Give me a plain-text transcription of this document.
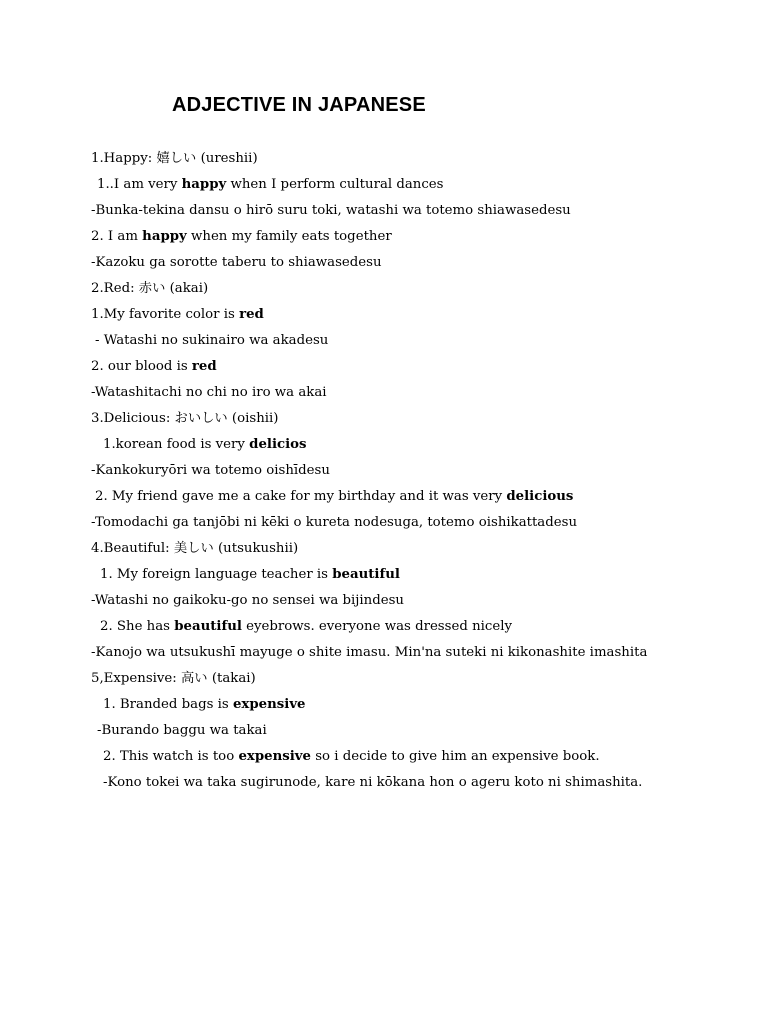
ADJECTIVE IN JAPANESE
1.Happy: 嬉しい (ureshii)
1..I am very happy when I perform cultural dances
-Bunka-tekina dansu o hirō suru toki, watashi wa totemo shiawasedesu
2. I am happy when my family eats together
-Kazoku ga sorotte taberu to shiawasedesu
2.Red: 赤い (akai)
1.My favorite color is red
- Watashi no sukinairo wa akadesu
2. our blood is red
-Watashitachi no chi no iro wa akai
3.Delicious: おいしい (oishii)
1.korean food is very delicios
-Kankokuryōri wa totemo oishīdesu
2. My friend gave me a cake for my birthday and it was very delicious
-Tomodachi ga tanjōbi ni kēki o kureta nodesuga, totemo oishikattadesu
4.Beautiful: 美しい (utsukushii)
1. My foreign language teacher is beautiful
-Watashi no gaikoku-go no sensei wa bijindesu
2. She has beautiful eyebrows. everyone was dressed nicely
-Kanojo wa utsukushī mayuge o shite imasu. Min'na suteki ni kikonashite imashita
5,Expensive: 高い (takai)
1. Branded bags is expensive
-Burando baggu wa takai
2. This watch is too expensive so i decide to give him an expensive book.
-Kono tokei wa taka sugirunode, kare ni kōkana hon o ageru koto ni shimashita.
